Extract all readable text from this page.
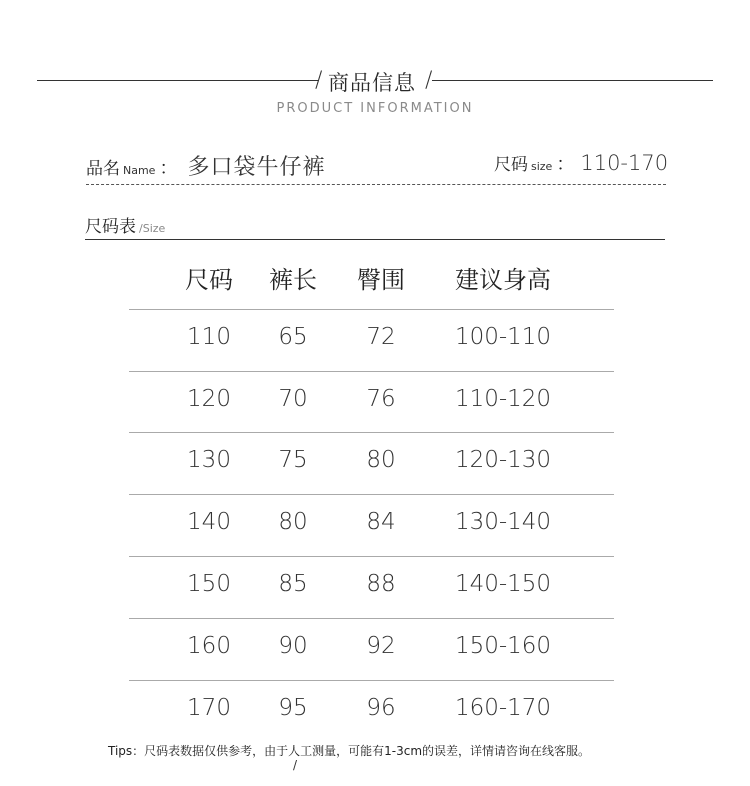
/ 商品信息 /
PRODUCT INFORMATION
品名 Name ： 多口袋牛仔裤	尺码 size ： 110-170
尺码表 /Size
尺码	裤长	臀围	建议身高
110	65	72	100-110
120	70	76	110-120
130	75	80	120-130
140	80	84	130-140
150	85	88	140-150
160	90	92	150-160
170	95	96	160-170
Tips：尺码表数据仅供参考，由于人工测量，可能有1-3cm的误差，详情请咨询在线客服。
/
